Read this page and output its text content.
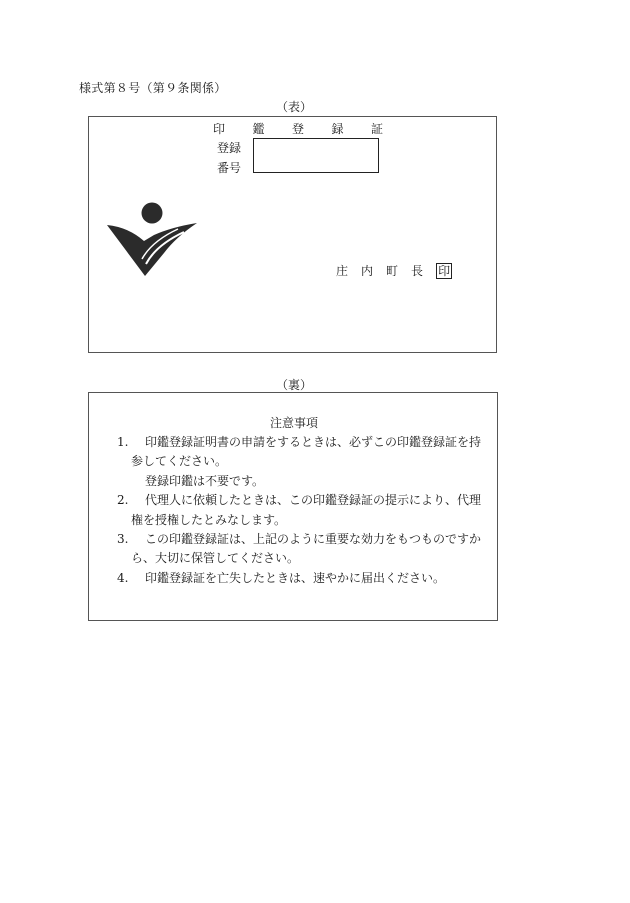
様式第８号（第９条関係）
（表）
印 鑑 登 録 証
登録
番号
庄 内 町 長 印
（裏）
注意事項
1. 印鑑登録証明書の申請をするときは、必ずこの印鑑登録証を持
参してください。
登録印鑑は不要です。
2. 代理人に依頼したときは、この印鑑登録証の提示により、代理
権を授権したとみなします。
3. この印鑑登録証は、上記のように重要な効力をもつものですか
ら、大切に保管してください。
4. 印鑑登録証を亡失したときは、速やかに届出ください。
